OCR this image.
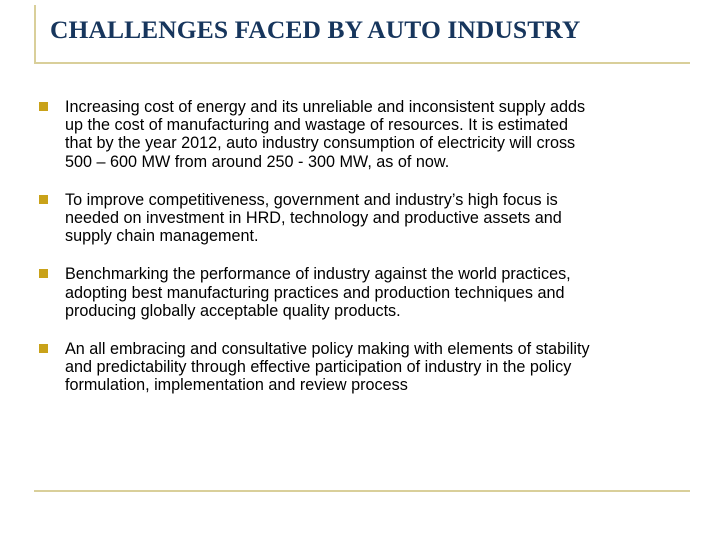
CHALLENGES FACED BY AUTO INDUSTRY
Increasing cost of energy and its unreliable and inconsistent supply adds
up the cost of manufacturing and wastage of resources. It is estimated
that by the year 2012, auto industry consumption of electricity will cross
500 – 600 MW from around 250 - 300 MW, as of now.
To improve competitiveness, government and industry’s high focus is
needed on investment in HRD, technology and productive assets and
supply chain management.
Benchmarking the performance of industry against the world practices,
adopting best manufacturing practices and production techniques and
producing globally acceptable quality products.
An all embracing and consultative policy making with elements of stability
and predictability through effective participation of industry in the policy
formulation, implementation and review process
